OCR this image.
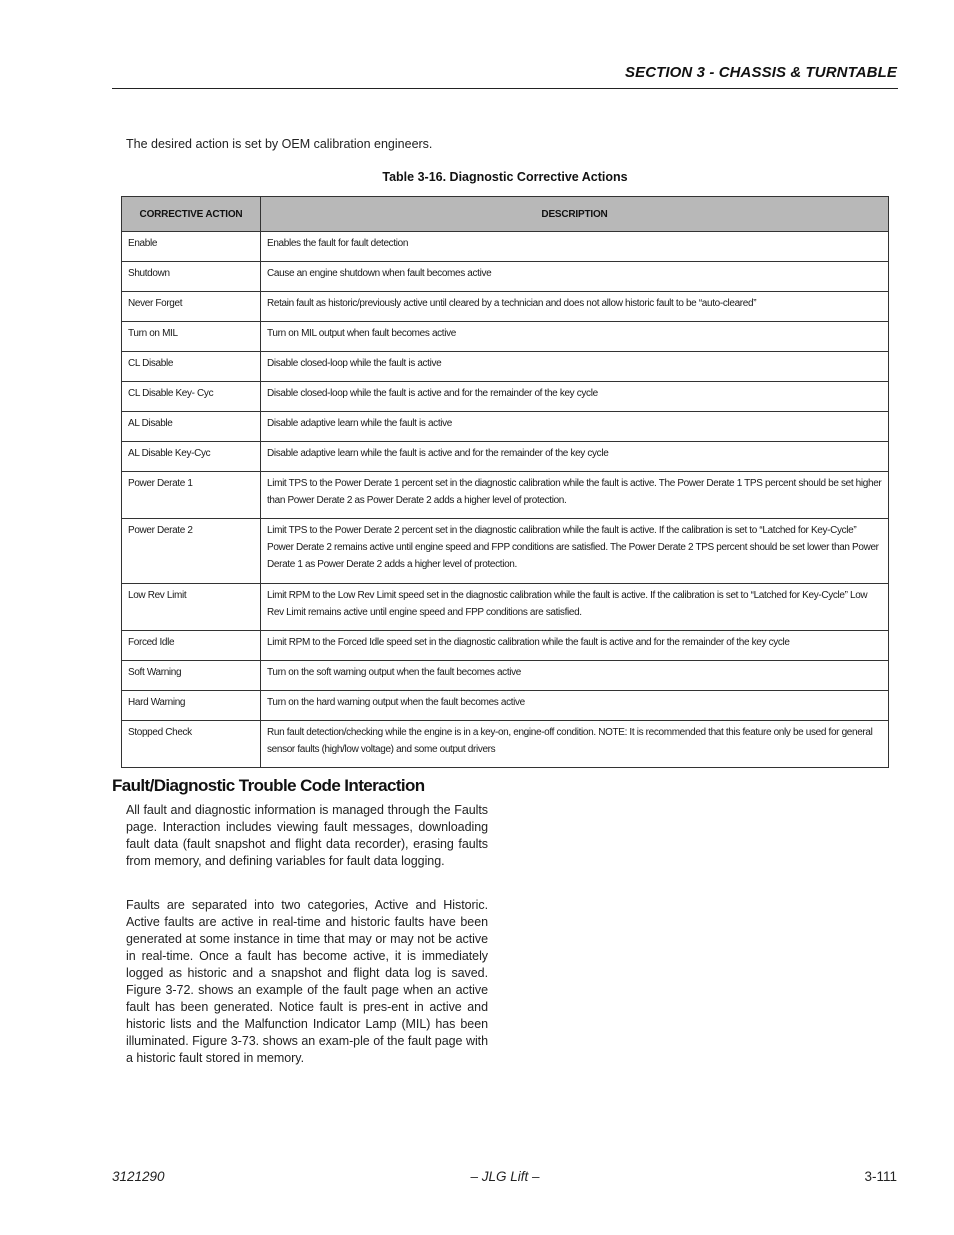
SECTION 3 - CHASSIS & TURNTABLE
The desired action is set by OEM calibration engineers.
Table 3-16. Diagnostic Corrective Actions
CORRECTIVE ACTION	DESCRIPTION
Enable	Enables the fault for fault detection
Shutdown	Cause an engine shutdown when fault becomes active
Never Forget	Retain fault as historic/previously active until cleared by a technician and does not allow historic fault to be “auto-cleared”
Turn on MIL	Turn on MIL output when fault becomes active
CL Disable	Disable closed-loop while the fault is active
CL Disable Key- Cyc	Disable closed-loop while the fault is active and for the remainder of the key cycle
AL Disable	Disable adaptive learn while the fault is active
AL Disable Key-Cyc	Disable adaptive learn while the fault is active and for the remainder of the key cycle
Power Derate 1	Limit TPS to the Power Derate 1 percent set in the diagnostic calibration while the fault is active. The Power Derate 1 TPS percent should be set higher than Power Derate 2 as Power Derate 2 adds a higher level of protection.
Power Derate 2	Limit TPS to the Power Derate 2 percent set in the diagnostic calibration while the fault is active. If the calibration is set to “Latched for Key-Cycle” Power Derate 2 remains active until engine speed and FPP conditions are satisfied. The Power Derate 2 TPS percent should be set lower than Power Derate 1 as Power Derate 2 adds a higher level of protection.
Low Rev Limit	Limit RPM to the Low Rev Limit speed set in the diagnostic calibration while the fault is active. If the calibration is set to “Latched for Key-Cycle” Low Rev Limit remains active until engine speed and FPP conditions are satisfied.
Forced Idle	Limit RPM to the Forced Idle speed set in the diagnostic calibration while the fault is active and for the remainder of the key cycle
Soft Warning	Turn on the soft warning output when the fault becomes active
Hard Warning	Turn on the hard warning output when the fault becomes active
Stopped Check	Run fault detection/checking while the engine is in a key-on, engine-off condition. NOTE: It is recommended that this feature only be used for general sensor faults (high/low voltage) and some output drivers
Fault/Diagnostic Trouble Code Interaction

All fault and diagnostic information is managed through the Faults page. Interaction includes viewing fault messages, downloading fault data (fault snapshot and flight data recorder), erasing faults from memory, and defining variables for fault data logging.

Faults are separated into two categories, Active and Historic. Active faults are active in real-time and historic faults have been generated at some instance in time that may or may not be active in real-time. Once a fault has become active, it is immediately logged as historic and a snapshot and flight data log is saved. Figure 3-72. shows an example of the fault page when an active fault has been generated. Notice fault is pres-ent in active and historic lists and the Malfunction Indicator Lamp (MIL) has been illuminated. Figure 3-73. shows an exam-ple of the fault page with a historic fault stored in memory.

3121290	– JLG Lift –	3-111
